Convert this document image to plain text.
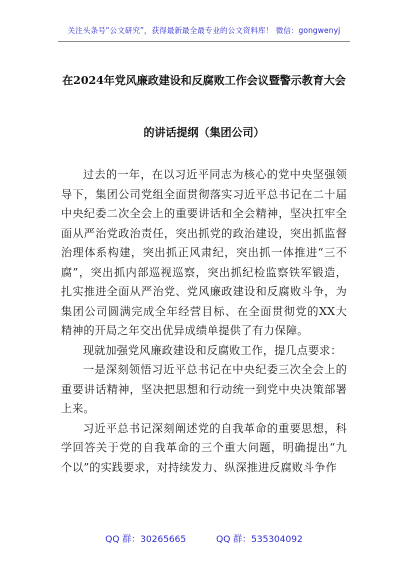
关注头条号“公文研究”，获得最新最全最专业的公文资料库！ 微信：gongwenyj
在2024年党风廉政建设和反腐败工作会议暨警示教育大会
的讲话提纲（集团公司）

过去的一年，在以习近平同志为核心的党中央坚强领导下，集团公司党组全面贯彻落实习近平总书记在二十届中央纪委二次全会上的重要讲话和全会精神，坚决扛牢全面从严治党政治责任，突出抓党的政治建设，突出抓监督治理体系构建，突出抓正风肃纪，突出抓一体推进“三不腐”，突出抓内部巡视巡察，突出抓纪检监察铁军锻造，扎实推进全面从严治党、党风廉政建设和反腐败斗争，为集团公司圆满完成全年经营目标、在全面贯彻党的XX大精神的开局之年交出优异成绩单提供了有力保障。

现就加强党风廉政建设和反腐败工作，提几点要求：

一是深刻领悟习近平总书记在中央纪委三次全会上的重要讲话精神，坚决把思想和行动统一到党中央决策部署上来。

习近平总书记深刻阐述党的自我革命的重要思想，科学回答关于党的自我革命的三个重大问题，明确提出“九个以”的实践要求，对持续发力、纵深推进反腐败斗争作

QQ 群：30265665	QQ 群：535304092
